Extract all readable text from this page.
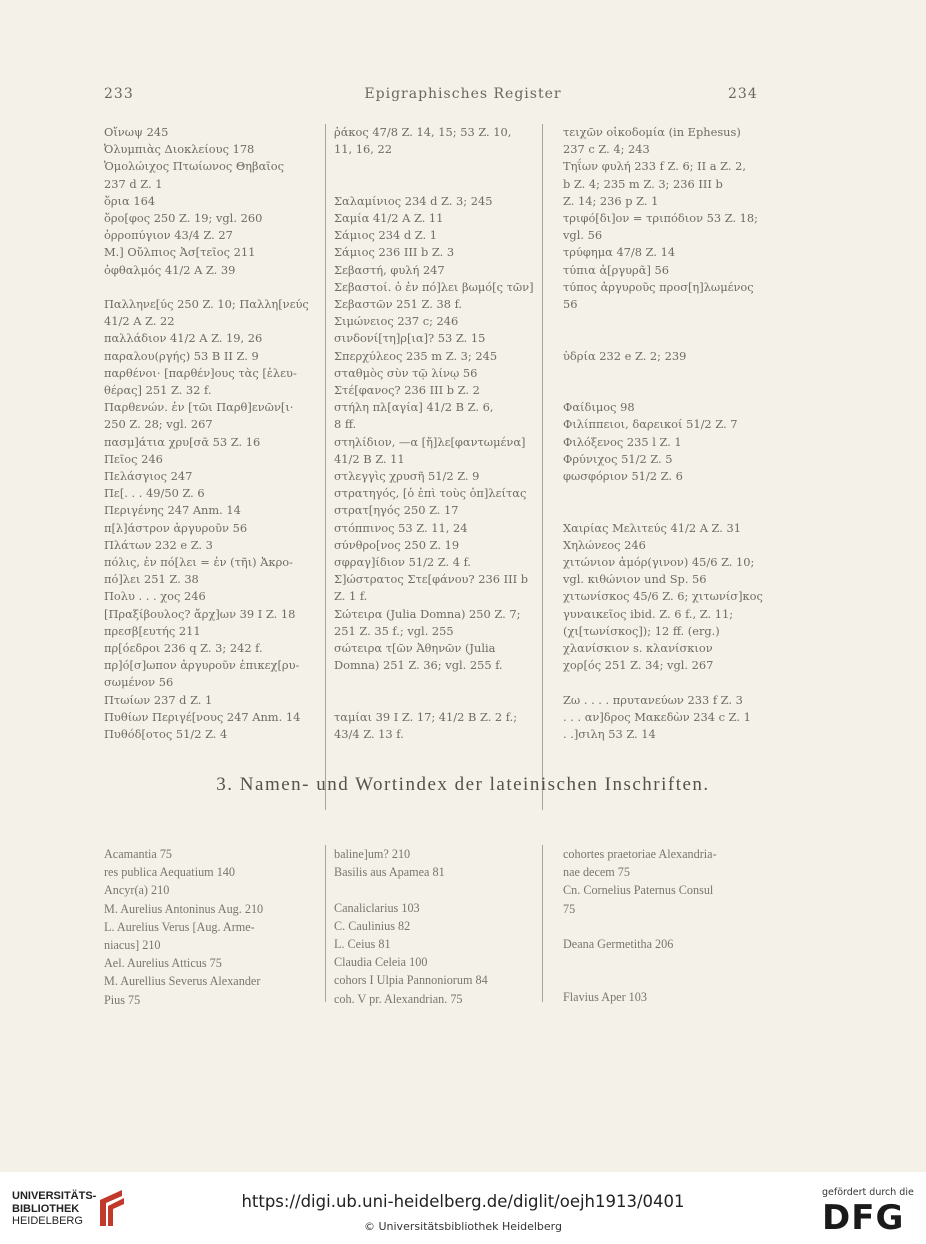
233	Epigraphisches Register	234
Οἴνωψ 245
Ὀλυμπιὰς Διοκλείους 178
Ὁμολώιχος Πτωίωνος Θηβαῖος
237 d Z. 1
ὅρια 164
ὅρο[φος 250 Z. 19; vgl. 260
ὀρροπύγιον 43/4 Z. 27
M.] Οὔλπιος Ἀσ[τεῖος 211
ὀφθαλμός 41/2 A Z. 39
Παλληνε[ύς 250 Z. 10; Παλλη[νεύς
41/2 A Z. 22
παλλάδιον 41/2 A Z. 19, 26
παραλου(ργής) 53 B II Z. 9
παρθένοι· [παρθέν]ους τὰς [ἐλευ-
θέρας] 251 Z. 32 f.
Παρθενών. ἐν [τῶι Παρθ]ενῶν[ι·
250 Z. 28; vgl. 267
πασμ]άτια χρυ[σᾶ 53 Z. 16
Πεῖος 246
Πελάσγιος 247
Πε[. . . 49/50 Z. 6
Περιγένης 247 Anm. 14
π[λ]άστρον ἀργυροῦν 56
Πλάτων 232 e Z. 3
πόλις, ἐν πό[λει = ἐν (τῆι) Ἀκρο-
πό]λει 251 Z. 38
Πολυ . . . χος 246
[Πραξίβουλος? ἄρχ]ων 39 I Z. 18
πρεσβ[ευτής 211
πρ[όεδροι 236 q Z. 3; 242 f.
πρ]ό[σ]ωπον ἀργυροῦν ἐπικεχ[ρυ-
σωμένον 56
Πτωίων 237 d Z. 1
Πυθίων Περιγέ[νους 247 Anm. 14
Πυθόδ[οτος 51/2 Z. 4
ῥάκος 47/8 Z. 14, 15; 53 Z. 10,
11, 16, 22
Σαλαμίνιος 234 d Z. 3; 245
Σαμία 41/2 A Z. 11
Σάμιος 234 d Z. 1
Σάμιος 236 III b Z. 3
Σεβαστή, φυλή 247
Σεβαστοί. ὁ ἐν πό]λει βωμό[ς τῶν]
Σεβαστῶν 251 Z. 38 f.
Σιμώνειος 237 c; 246
σινδονί[τη]ρ[ια]? 53 Z. 15
Σπερχύλεος 235 m Z. 3; 245
σταθμὸς σὺν τῷ λίνῳ 56
Στέ[φανος? 236 III b Z. 2
στήλη πλ[αγία] 41/2 B Z. 6,
8 ff.
στηλίδιον, —α [ἤ]λε[φαντωμένα]
41/2 B Z. 11
στλεγγὶς χρυσῆ 51/2 Z. 9
στρατηγός, [ὁ ἐπὶ τοὺς ὁπ]λείτας
στρατ[ηγός 250 Z. 17
στόππινος 53 Z. 11, 24
σύνθρο[νος 250 Z. 19
σφραγ]ίδιον 51/2 Z. 4 f.
Σ]ώστρατος Στε[φάνου? 236 III b
Z. 1 f.
Σώτειρα (Julia Domna) 250 Z. 7;
251 Z. 35 f.; vgl. 255
σώτειρα τ[ῶν Ἀθηνῶν (Julia
Domna) 251 Z. 36; vgl. 255 f.
ταμίαι 39 I Z. 17; 41/2 B Z. 2 f.;
43/4 Z. 13 f.
τειχῶν οἰκοδομία (in Ephesus)
237 c Z. 4; 243
Τηΐων φυλή 233 f Z. 6; II a Z. 2,
b Z. 4; 235 m Z. 3; 236 III b
Z. 14; 236 p Z. 1
τριφό[δι]ον = τριπόδιον 53 Z. 18;
vgl. 56
τρύφημα 47/8 Z. 14
τύπια ἀ[ργυρᾶ] 56
τύπος ἀργυροῦς προσ[η]λωμένος
56
ὑδρία 232 e Z. 2; 239
Φαίδιμος 98
Φιλίππειοι, δαρεικοί 51/2 Z. 7
Φιλόξενος 235 l Z. 1
Φρύνιχος 51/2 Z. 5
φωσφόριον 51/2 Z. 6
Χαιρίας Μελιτεύς 41/2 A Z. 31
Χηλώνεος 246
χιτώνιον ἀμόρ(γινον) 45/6 Z. 10;
vgl. κιθώνιον und Sp. 56
χιτωνίσκος 45/6 Z. 6; χιτωνίσ]κος
γυναικεῖος ibid. Z. 6 f., Z. 11;
(χι[τωνίσκος]); 12 ff. (erg.)
χλανίσκιον s. κλανίσκιον
χορ[ός 251 Z. 34; vgl. 267
Ζω . . . . πρυτανεύων 233 f Z. 3
. . . αν]δρος Μακεδὼν 234 c Z. 1
. .]σιλη 53 Z. 14
3. Namen- und Wortindex der lateinischen Inschriften.
Acamantia 75
res publica Aequatium 140
Ancyr(a) 210
M. Aurelius Antoninus Aug. 210
L. Aurelius Verus [Aug. Arme-
niacus] 210
Ael. Aurelius Atticus 75
M. Aurellius Severus Alexander
Pius 75
baline]um? 210
Basilis aus Apamea 81
Canaliclarius 103
C. Caulinius 82
L. Ceius 81
Claudia Celeia 100
cohors I Ulpia Pannoniorum 84
coh. V pr. Alexandrian. 75
cohortes praetoriae Alexandria-
nae decem 75
Cn. Cornelius Paternus Consul
75
Deana Germetitha 206
Flavius Aper 103
UNIVERSITÄTS-
BIBLIOTHEK
HEIDELBERG
https://digi.ub.uni-heidelberg.de/diglit/oejh1913/0401
© Universitätsbibliothek Heidelberg
gefördert durch die
DFG
